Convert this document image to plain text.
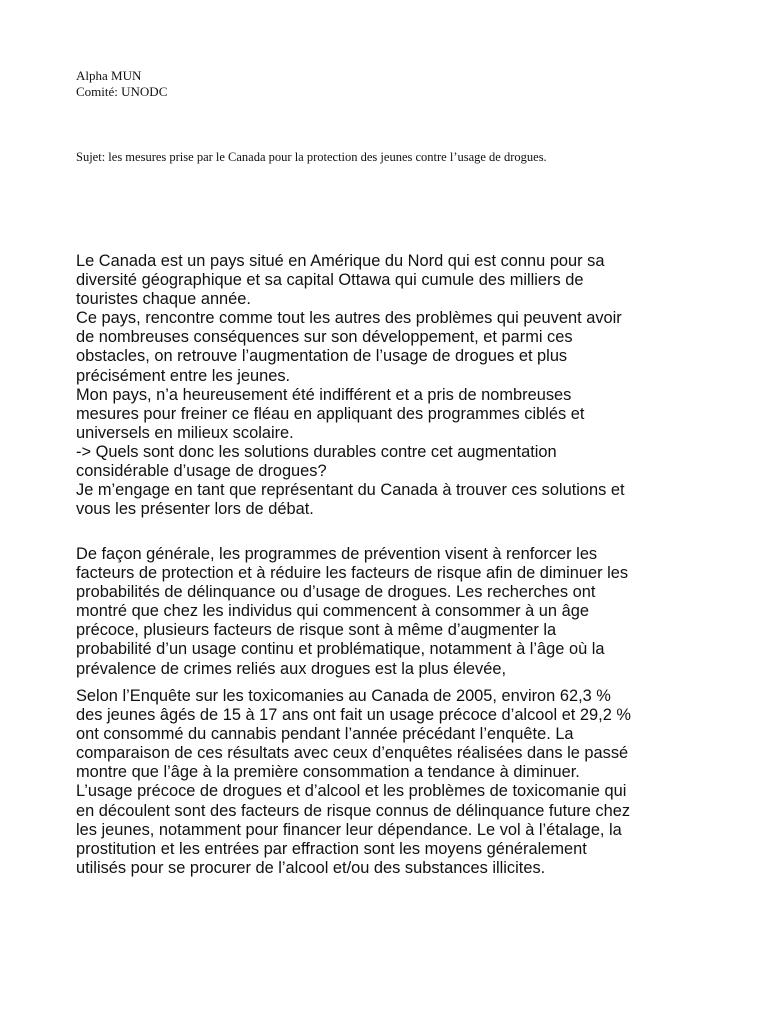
Alpha MUN
Comité: UNODC
Sujet: les mesures prise par le Canada pour la protection des jeunes contre l’usage de drogues.
Le Canada est un pays situé en Amérique du Nord qui est connu pour sa
diversité géographique et sa capital Ottawa qui cumule des milliers de
touristes chaque année.
Ce pays, rencontre comme tout les autres des problèmes qui peuvent avoir
de nombreuses conséquences sur son développement, et parmi ces
obstacles, on retrouve l’augmentation de l’usage de drogues et plus
précisément entre les jeunes.
Mon pays, n’a heureusement été indifférent et a pris de nombreuses
mesures pour freiner ce fléau en appliquant des programmes ciblés et
universels en milieux scolaire.
-> Quels sont donc les solutions durables contre cet augmentation
considérable d’usage de drogues?
Je m’engage en tant que représentant du Canada à trouver ces solutions et
vous les présenter lors de débat.
De façon générale, les programmes de prévention visent à renforcer les
facteurs de protection et à réduire les facteurs de risque afin de diminuer les
probabilités de délinquance ou d’usage de drogues. Les recherches ont
montré que chez les individus qui commencent à consommer à un âge
précoce, plusieurs facteurs de risque sont à même d’augmenter la
probabilité d’un usage continu et problématique, notamment à l’âge où la
prévalence de crimes reliés aux drogues est la plus élevée,
Selon l’Enquête sur les toxicomanies au Canada de 2005, environ 62,3 %
des jeunes âgés de 15 à 17 ans ont fait un usage précoce d’alcool et 29,2 %
ont consommé du cannabis pendant l’année précédant l’enquête. La
comparaison de ces résultats avec ceux d’enquêtes réalisées dans le passé
montre que l’âge à la première consommation a tendance à diminuer.
L’usage précoce de drogues et d’alcool et les problèmes de toxicomanie qui
en découlent sont des facteurs de risque connus de délinquance future chez
les jeunes, notamment pour financer leur dépendance. Le vol à l’étalage, la
prostitution et les entrées par effraction sont les moyens généralement
utilisés pour se procurer de l’alcool et/ou des substances illicites.
